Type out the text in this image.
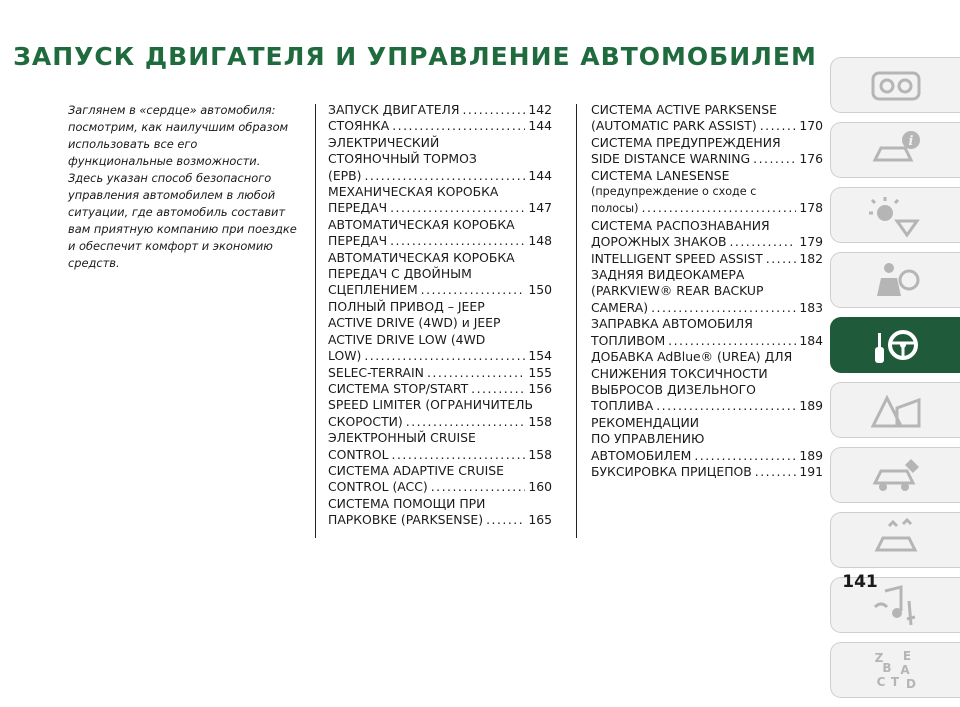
ЗАПУСК ДВИГАТЕЛЯ И УПРАВЛЕНИЕ АВТОМОБИЛЕМ

Заглянем в «сердце» автомобиля: посмотрим, как наилучшим образом использовать все его функциональные возможности.

Здесь указан способ безопасного управления автомобилем в любой ситуации, где автомобиль составит вам приятную компанию при поездке и обеспечит комфорт и экономию средств.

ЗАПУСК ДВИГАТЕЛЯ .....	142
СТОЯНКА .....	144
ЭЛЕКТРИЧЕСКИЙ
СТОЯНОЧНЫЙ ТОРМОЗ
(EPB) .....	144
МЕХАНИЧЕСКАЯ КОРОБКА
ПЕРЕДАЧ .....	147
АВТОМАТИЧЕСКАЯ КОРОБКА
ПЕРЕДАЧ .....	148
АВТОМАТИЧЕСКАЯ КОРОБКА
ПЕРЕДАЧ С ДВОЙНЫМ
СЦЕПЛЕНИЕМ .....	150
ПОЛНЫЙ ПРИВОД – JEEP
ACTIVE DRIVE (4WD) и JEEP
ACTIVE DRIVE LOW (4WD
LOW) .....	154
SELEC-TERRAIN .....	155
СИСТЕМА STOP/START .....	156
SPEED LIMITER (ОГРАНИЧИТЕЛЬ
СКОРОСТИ) .....	158
ЭЛЕКТРОННЫЙ CRUISE
CONTROL .....	158
СИСТЕМА ADAPTIVE CRUISE
CONTROL (ACC) .....	160
СИСТЕМА ПОМОЩИ ПРИ
ПАРКОВКЕ (PARKSENSE) .....	165
СИСТЕМА ACTIVE PARKSENSE
(AUTOMATIC PARK ASSIST) .....	170
СИСТЕМА ПРЕДУПРЕЖДЕНИЯ
SIDE DISTANCE WARNING .....	176
СИСТЕМА LANESENSE
(предупреждение о сходе с
полосы) .....	178
СИСТЕМА РАСПОЗНАВАНИЯ
ДОРОЖНЫХ ЗНАКОВ .....	179
INTELLIGENT SPEED ASSIST .....	182
ЗАДНЯЯ ВИДЕОКАМЕРА
(PARKVIEW® REAR BACKUP
CAMERA) .....	183
ЗАПРАВКА АВТОМОБИЛЯ
ТОПЛИВОМ .....	184
ДОБАВКА AdBlue® (UREA) ДЛЯ
СНИЖЕНИЯ ТОКСИЧНОСТИ
ВЫБРОСОВ ДИЗЕЛЬНОГО
ТОПЛИВА .....	189
РЕКОМЕНДАЦИИ
ПО УПРАВЛЕНИЮ
АВТОМОБИЛЕМ .....	189
БУКСИРОВКА ПРИЦЕПОВ .....	191
i
Z E
B A
C T D
141
